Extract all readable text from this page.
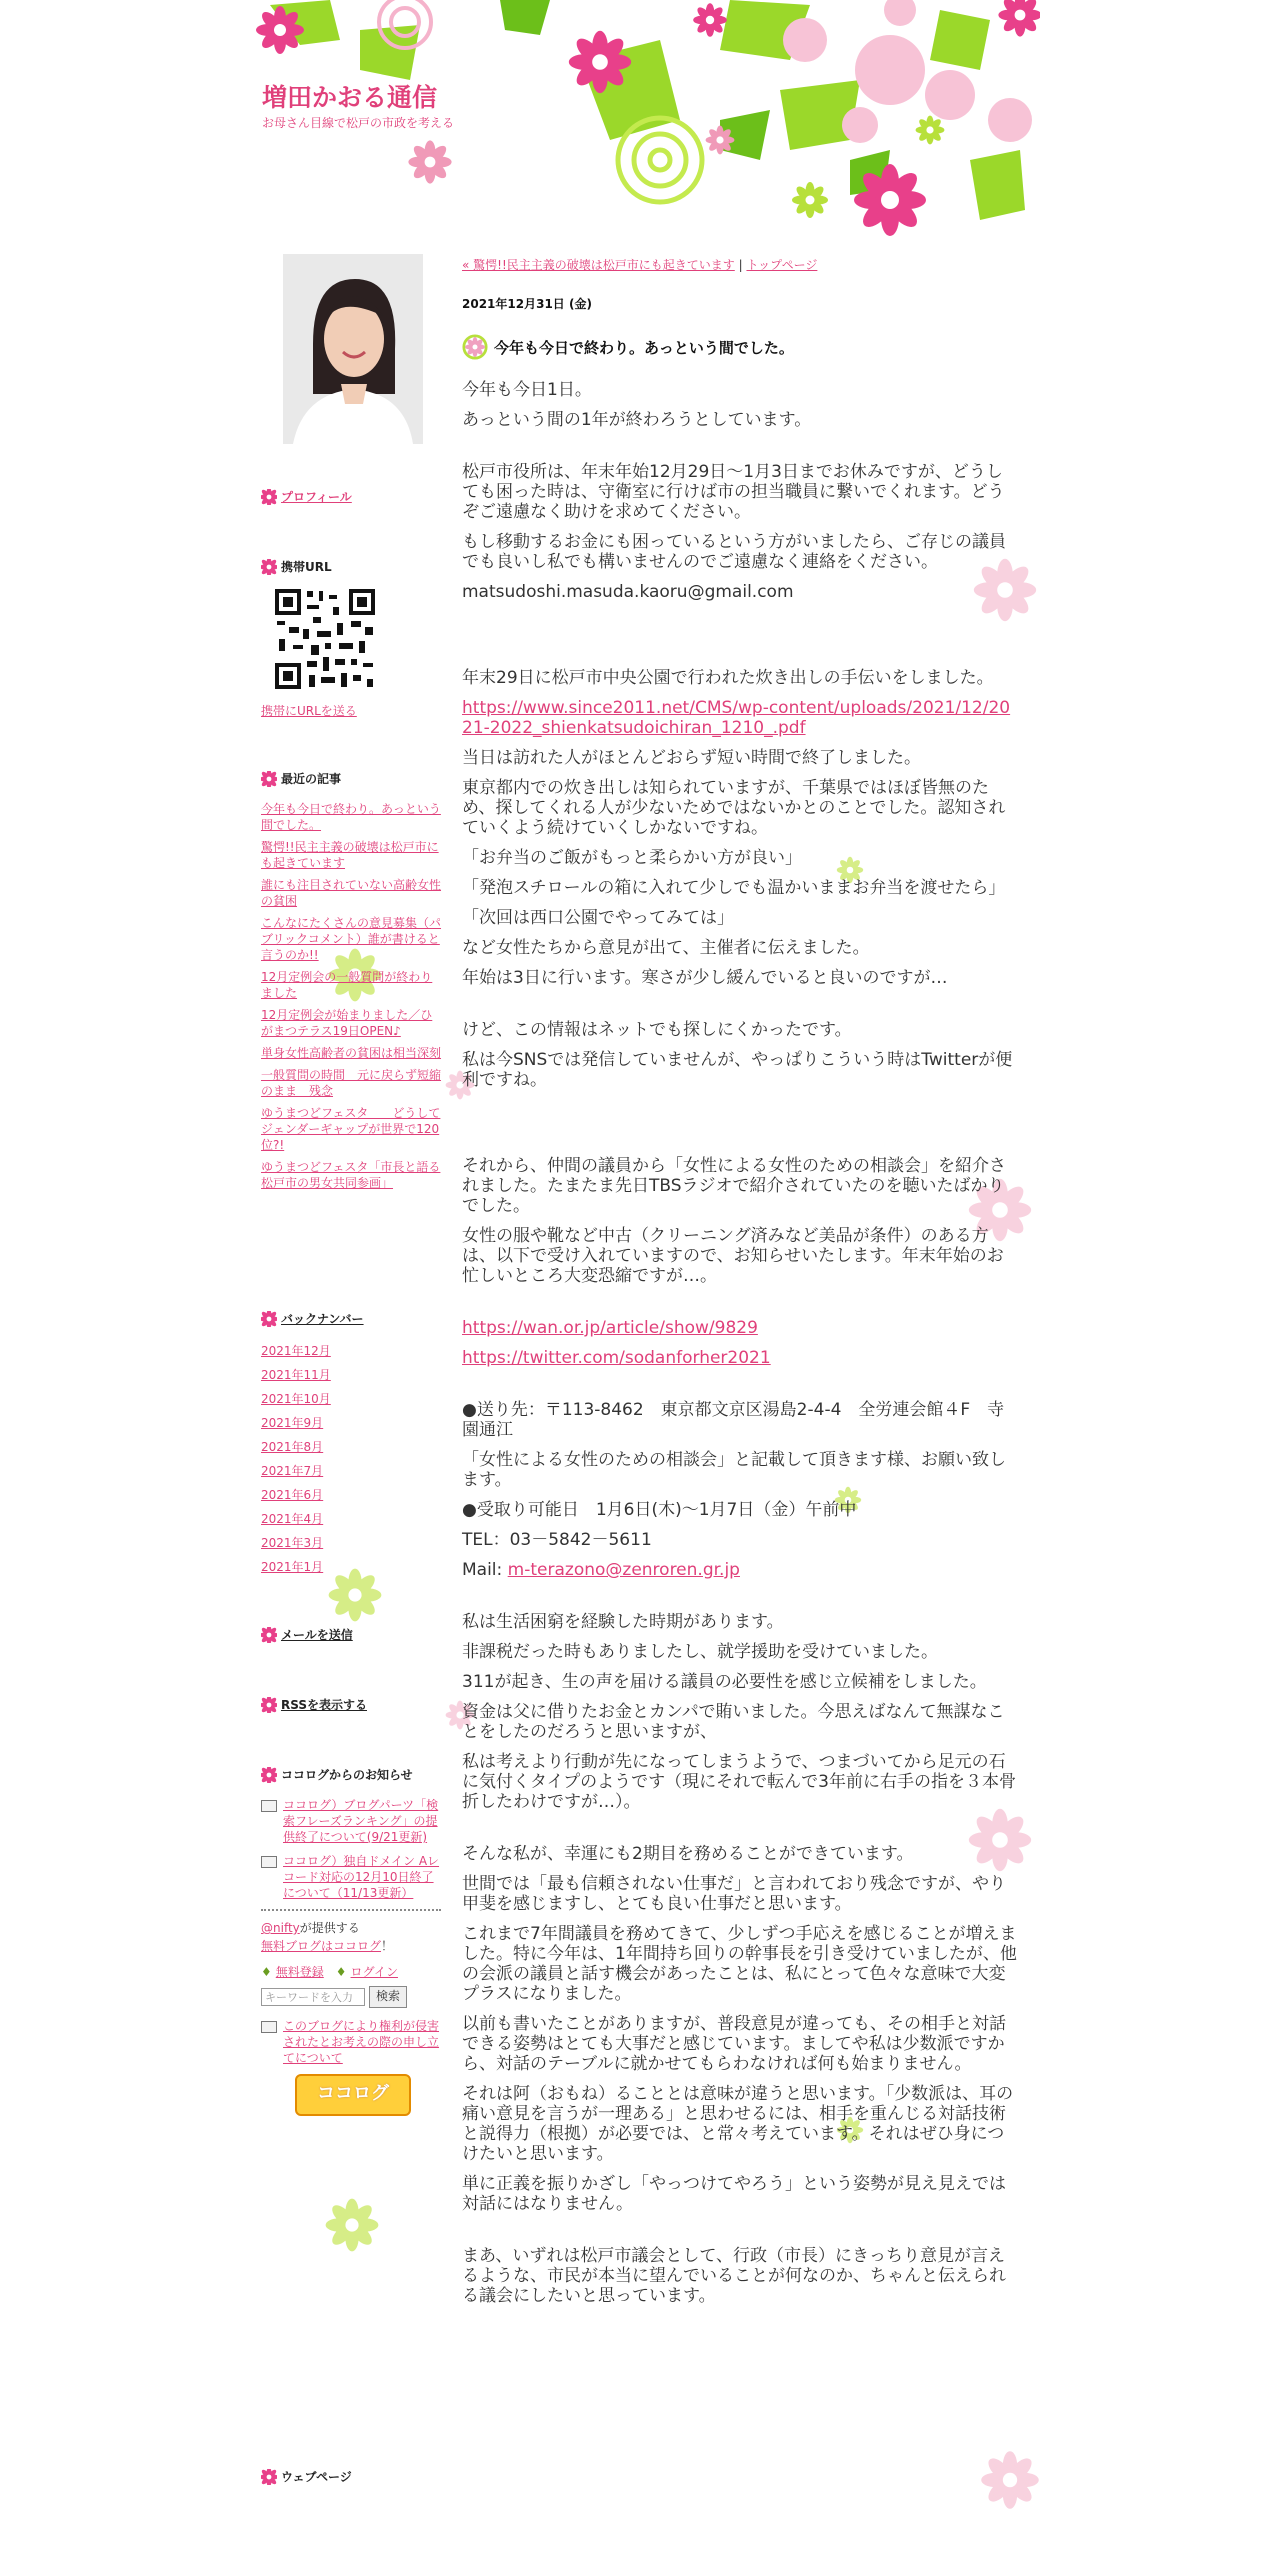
増田かおる通信
お母さん目線で松戸の市政を考える
プロフィール
携帯URL
携帯にURLを送る
最近の記事
今年も今日で終わり。あっという間でした。
驚愕!!民主主義の破壊は松戸市にも起きています
誰にも注目されていない高齢女性の貧困
こんなにたくさんの意見募集（パブリックコメント）誰が書けると言うのか!!
12月定例会の一般質問が終わりました
12月定例会が始まりました／ひがまつテラス19日OPEN♪
単身女性高齢者の貧困は相当深刻
一般質問の時間　元に戻らず短縮のまま　残念
ゆうまつどフェスタ　　どうしてジェンダーギャップが世界で120位?!
ゆうまつどフェスタ「市長と語る松戸市の男女共同参画」
バックナンバー
2021年12月
2021年11月
2021年10月
2021年9月
2021年8月
2021年7月
2021年6月
2021年4月
2021年3月
2021年1月
メールを送信
RSSを表示する
ココログからのお知らせ
ココログ）ブログパーツ「検索フレーズランキング」の提供終了について(9/21更新)
ココログ）独自ドメイン Aレコード対応の12月10日終了について（11/13更新）
@niftyが提供する
無料ブログはココログ！
♦ 無料登録 ♦ ログイン
キーワードを入力	検索
このブログにより権利が侵害されたとお考えの際の申し立てについて
ココログ
ウェブページ
« 驚愕!!民主主義の破壊は松戸市にも起きています | トップページ
2021年12月31日 (金)
今年も今日で終わり。あっという間でした。

今年も今日1日。

あっという間の1年が終わろうとしています。

松戸市役所は、年末年始12月29日〜1月3日までお休みですが、どうしても困った時は、守衛室に行けば市の担当職員に繋いでくれます。どうぞご遠慮なく助けを求めてください。

もし移動するお金にも困っているという方がいましたら、ご存じの議員でも良いし私でも構いませんのでご遠慮なく連絡をください。

matsudoshi.masuda.kaoru@gmail.com

年末29日に松戸市中央公園で行われた炊き出しの手伝いをしました。

https://www.since2011.net/CMS/wp-content/uploads/2021/12/2021-2022_shienkatsudoichiran_1210_.pdf

当日は訪れた人がほとんどおらず短い時間で終了しました。

東京都内での炊き出しは知られていますが、千葉県ではほぼ皆無のため、探してくれる人が少ないためではないかとのことでした。認知されていくよう続けていくしかないですね。

「お弁当のご飯がもっと柔らかい方が良い」

「発泡スチロールの箱に入れて少しでも温かいままお弁当を渡せたら」

「次回は西口公園でやってみては」

など女性たちから意見が出て、主催者に伝えました。

年始は3日に行います。寒さが少し緩んでいると良いのですが…

けど、この情報はネットでも探しにくかったです。

私は今SNSでは発信していませんが、やっぱりこういう時はTwitterが便利ですね。

それから、仲間の議員から「女性による女性のための相談会」を紹介されました。たまたま先日TBSラジオで紹介されていたのを聴いたばかりでした。

女性の服や靴など中古（クリーニング済みなど美品が条件）のある方は、以下で受け入れていますので、お知らせいたします。年末年始のお忙しいところ大変恐縮ですが…。

https://wan.or.jp/article/show/9829

https://twitter.com/sodanforher2021

●送り先：〒113-8462　東京都文京区湯島2-4-4　全労連会館４F　寺園通江

「女性による女性のための相談会」と記載して頂きます様、お願い致します。

●受取り可能日　1月6日(木)～1月7日（金）午前中

TEL：03－5842－5611

Mail: m-terazono@zenroren.gr.jp

私は生活困窮を経験した時期があります。

非課税だった時もありましたし、就学援助を受けていました。

311が起き、生の声を届ける議員の必要性を感じ立候補をしました。

資金は父に借りたお金とカンパで賄いました。今思えばなんて無謀なことをしたのだろうと思いますが、

私は考えより行動が先になってしまうようで、つまづいてから足元の石に気付くタイプのようです（現にそれで転んで3年前に右手の指を３本骨折したわけですが…）。

そんな私が、幸運にも2期目を務めることができています。

世間では「最も信頼されない仕事だ」と言われており残念ですが、やり甲斐を感じますし、とても良い仕事だと思います。

これまで7年間議員を務めてきて、少しずつ手応えを感じることが増えました。特に今年は、1年間持ち回りの幹事長を引き受けていましたが、他の会派の議員と話す機会があったことは、私にとって色々な意味で大変プラスになりました。

以前も書いたことがありますが、普段意見が違っても、その相手と対話できる姿勢はとても大事だと感じています。ましてや私は少数派ですから、対話のテーブルに就かせてもらわなければ何も始まりません。

それは阿（おもね）ることとは意味が違うと思います。「少数派は、耳の痛い意見を言うが一理ある」と思わせるには、相手を重んじる対話技術と説得力（根拠）が必要では、と常々考えています。それはぜひ身につけたいと思います。

単に正義を振りかざし「やっつけてやろう」という姿勢が見え見えでは対話にはなりません。

まあ、いずれは松戸市議会として、行政（市長）にきっちり意見が言えるような、市民が本当に望んでいることが何なのか、ちゃんと伝えられる議会にしたいと思っています。
